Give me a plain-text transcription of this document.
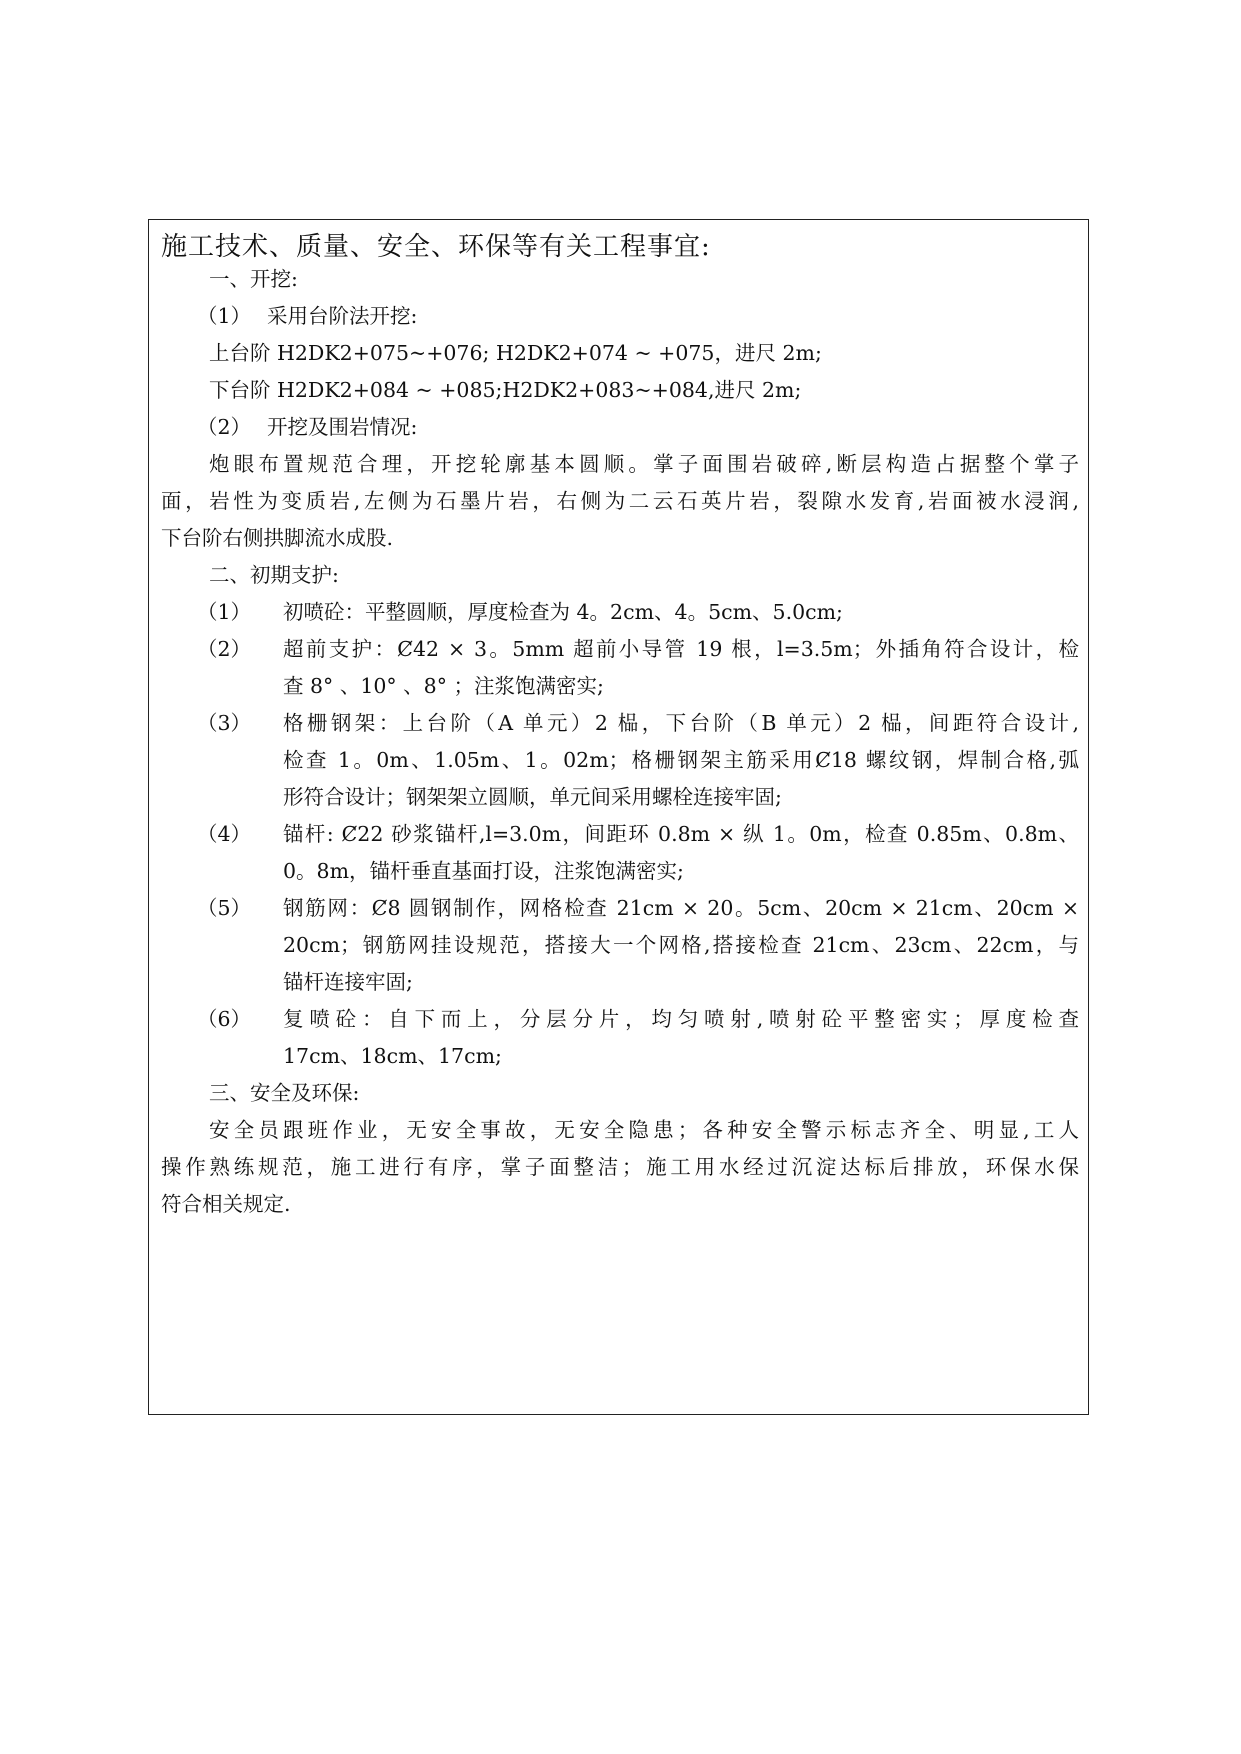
施工技术、质量、安全、环保等有关工程事宜:
一、开挖:
（1） 采用台阶法开挖:
上台阶 H2DK2+075~+076; H2DK2+074 ~ +075，进尺 2m;
下台阶 H2DK2+084 ~ +085;H2DK2+083~+084,进尺 2m;
（2） 开挖及围岩情况:
炮眼布置规范合理，开挖轮廓基本圆顺。掌子面围岩破碎,断层构造占据整个掌子
面，岩性为变质岩,左侧为石墨片岩，右侧为二云石英片岩，裂隙水发育,岩面被水浸润,
下台阶右侧拱脚流水成股.
二、初期支护:
（1） 初喷砼：平整圆顺，厚度检查为 4。2cm、4。5cm、5.0cm;
（2） 超前支护：Ȼ42 × 3。5mm 超前小导管 19 根，l=3.5m；外插角符合设计，检
查 8° 、10° 、8° ；注浆饱满密实;
（3） 格栅钢架：上台阶（A 单元）2 榀，下台阶（B 单元）2 榀，间距符合设计,
检查 1。0m、1.05m、1。02m；格栅钢架主筋采用Ȼ18 螺纹钢，焊制合格,弧
形符合设计；钢架架立圆顺，单元间采用螺栓连接牢固;
（4） 锚杆: Ȼ22 砂浆锚杆,l=3.0m，间距环 0.8m × 纵 1。0m，检查 0.85m、0.8m、
0。8m，锚杆垂直基面打设，注浆饱满密实;
（5） 钢筋网：Ȼ8 圆钢制作，网格检查 21cm × 20。5cm、20cm × 21cm、20cm ×
20cm；钢筋网挂设规范，搭接大一个网格,搭接检查 21cm、23cm、22cm，与
锚杆连接牢固;
（6） 复喷砼：自下而上，分层分片，均匀喷射,喷射砼平整密实；厚度检查
17cm、18cm、17cm;
三、安全及环保:
安全员跟班作业，无安全事故，无安全隐患；各种安全警示标志齐全、明显,工人
操作熟练规范，施工进行有序，掌子面整洁；施工用水经过沉淀达标后排放，环保水保
符合相关规定.
